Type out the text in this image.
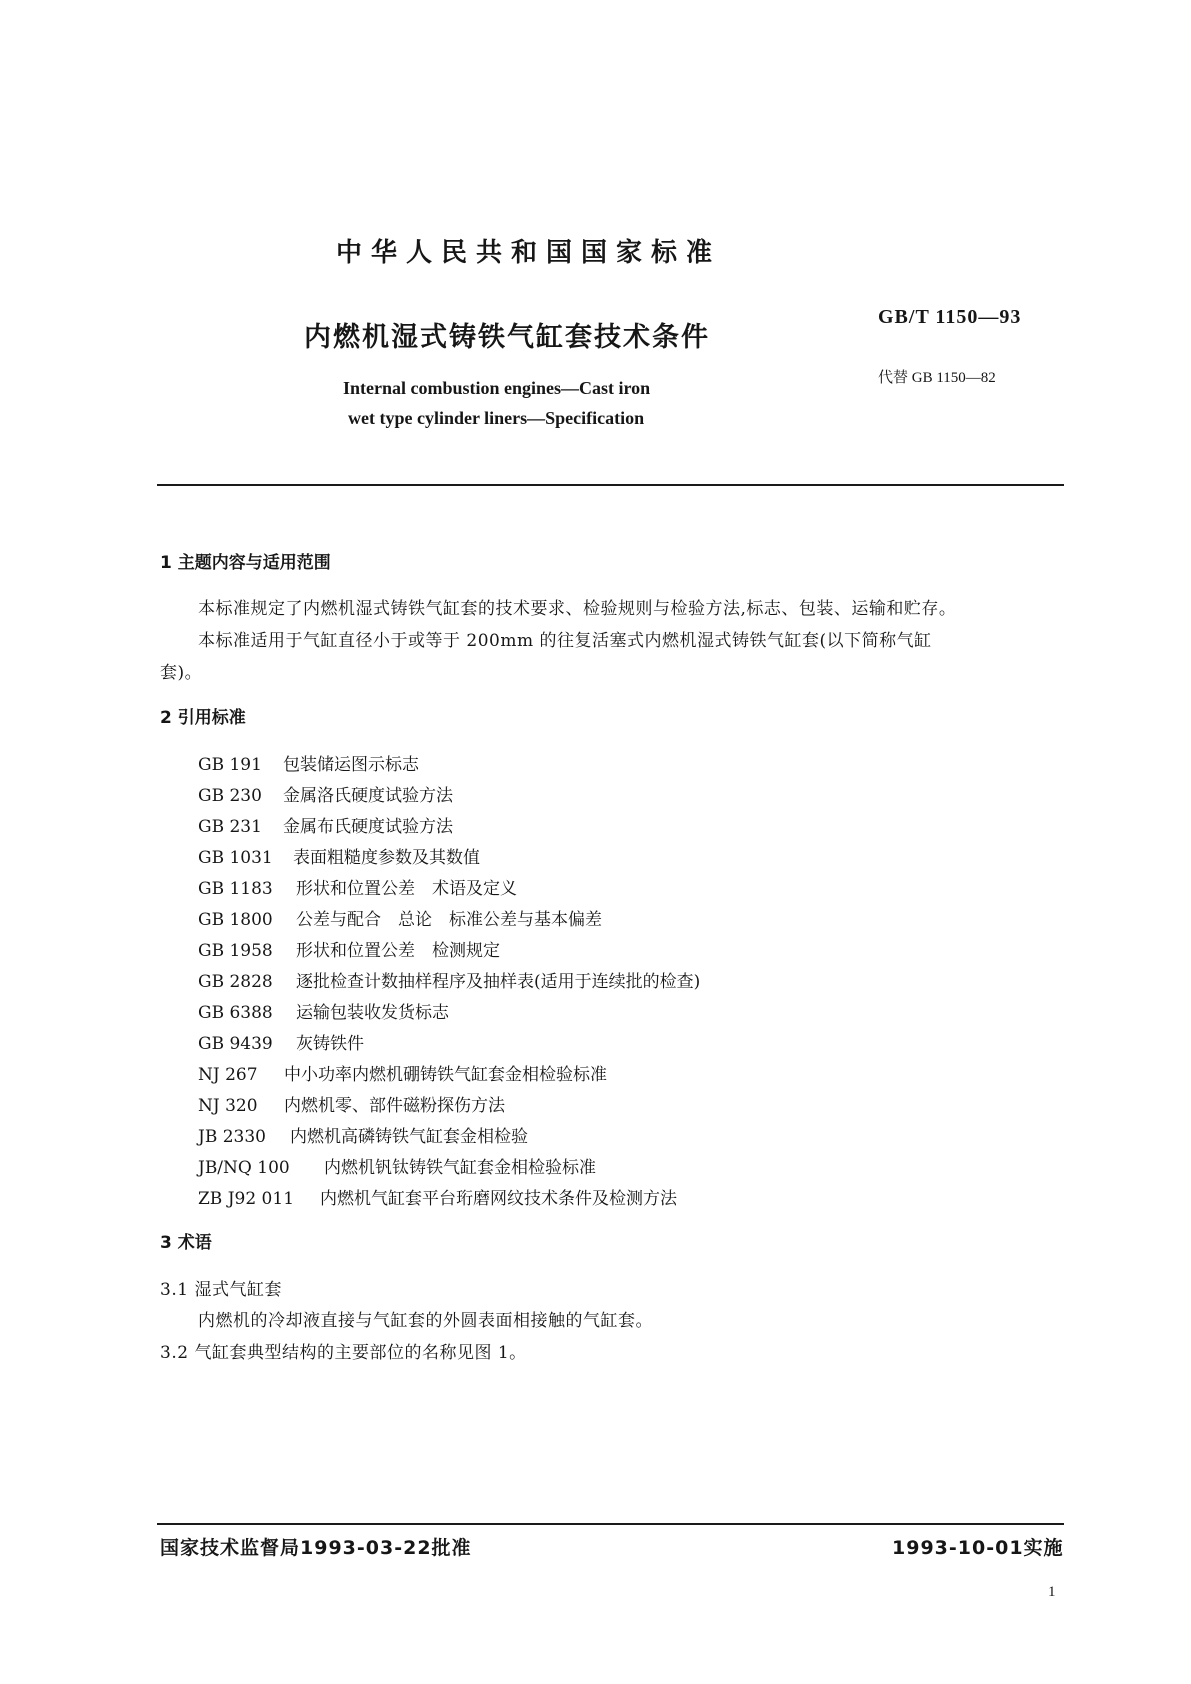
中华人民共和国国家标准
内燃机湿式铸铁气缸套技术条件
Internal combustion engines—Cast iron
wet type cylinder liners—Specification
GB/T 1150—93
代替 GB 1150—82
1 主题内容与适用范围
本标准规定了内燃机湿式铸铁气缸套的技术要求、检验规则与检验方法,标志、包装、运输和贮存。
本标准适用于气缸直径小于或等于 200mm 的往复活塞式内燃机湿式铸铁气缸套(以下简称气缸
套)。
2 引用标准
GB 191 包装储运图示标志
GB 230 金属洛氏硬度试验方法
GB 231 金属布氏硬度试验方法
GB 1031 表面粗糙度参数及其数值
GB 1183 形状和位置公差　术语及定义
GB 1800 公差与配合　总论　标准公差与基本偏差
GB 1958 形状和位置公差　检测规定
GB 2828 逐批检查计数抽样程序及抽样表(适用于连续批的检查)
GB 6388 运输包装收发货标志
GB 9439 灰铸铁件
NJ 267 中小功率内燃机硼铸铁气缸套金相检验标准
NJ 320 内燃机零、部件磁粉探伤方法
JB 2330 内燃机高磷铸铁气缸套金相检验
JB/NQ 100 内燃机钒钛铸铁气缸套金相检验标准
ZB J92 011 内燃机气缸套平台珩磨网纹技术条件及检测方法
3 术语
3.1 湿式气缸套
内燃机的冷却液直接与气缸套的外圆表面相接触的气缸套。
3.2 气缸套典型结构的主要部位的名称见图 1。
国家技术监督局1993-03-22批准	1993-10-01实施
1
